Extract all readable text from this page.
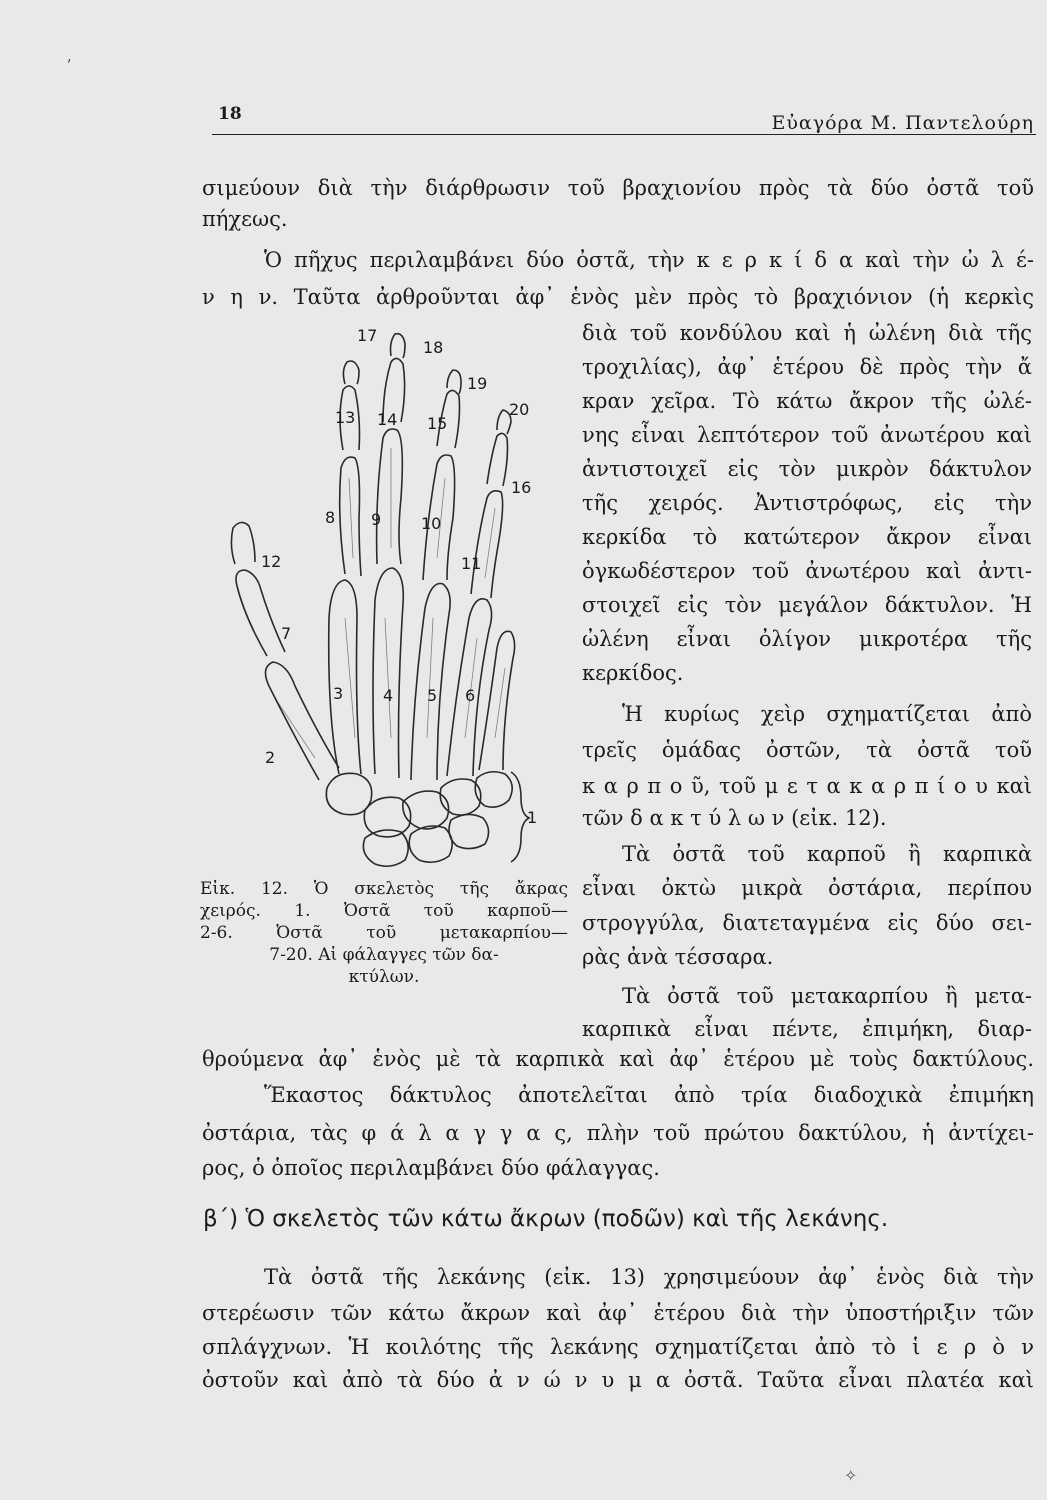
18	Εὐαγόρα Μ. Παντελούρη
σιμεύουν διὰ τὴν διάρθρωσιν τοῦ βραχιονίου πρὸς τὰ δύο ὀστᾶ τοῦ
πήχεως.
Ὁ πῆχυς περιλαμβάνει δύο ὀστᾶ, τὴν κ ε ρ κ ί δ α καὶ τὴν ὠ λ έ-
ν η ν. Ταῦτα ἀρθροῦνται ἀφ᾽ ἑνὸς μὲν πρὸς τὸ βραχιόνιον (ἡ κερκὶς
διὰ τοῦ κονδύλου καὶ ἡ ὠλένη διὰ τῆς
τροχιλίας), ἀφ᾽ ἑτέρου δὲ πρὸς τὴν ἄ
κραν χεῖρα. Τὸ κάτω ἄκρον τῆς ὠλέ-
νης εἶναι λεπτότερον τοῦ ἀνωτέρου καὶ
ἀντιστοιχεῖ εἰς τὸν μικρὸν δάκτυλον
τῆς χειρός. Ἀντιστρόφως, εἰς τὴν
κερκίδα τὸ κατώτερον ἄκρον εἶναι
ὀγκωδέστερον τοῦ ἀνωτέρου καὶ ἀντι-
στοιχεῖ εἰς τὸν μεγάλον δάκτυλον. Ἡ
ὠλένη εἶναι ὀλίγον μικροτέρα τῆς
κερκίδος.
Ἡ κυρίως χεὶρ σχηματίζεται ἀπὸ
τρεῖς ὁμάδας ὀστῶν, τὰ ὀστᾶ τοῦ
κ α ρ π ο ῦ, τοῦ μ ε τ α κ α ρ π ί ο υ καὶ
τῶν δ α κ τ ύ λ ω ν (εἰκ. 12).
Τὰ ὀστᾶ τοῦ καρποῦ ἢ καρπικὰ
εἶναι ὀκτὼ μικρὰ ὀστάρια, περίπου
στρογγύλα, διατεταγμένα εἰς δύο σει-
ρὰς ἀνὰ τέσσαρα.
Τὰ ὀστᾶ τοῦ μετακαρπίου ἢ μετα-
καρπικὰ εἶναι πέντε, ἐπιμήκη, διαρ-
17
18
19
20
13 14 15
16
8 9 10
11
12
7
3 4 5 6
2
1
Εἰκ. 12. Ὁ σκελετὸς τῆς ἄκρας
χειρός. 1. Ὀστᾶ τοῦ καρποῦ—
2-6. Ὀστᾶ τοῦ μετακαρπίου—
7-20. Αἱ φάλαγγες τῶν δα-
κτύλων.
θρούμενα ἀφ᾽ ἑνὸς μὲ τὰ καρπικὰ καὶ ἀφ᾽ ἑτέρου μὲ τοὺς δακτύλους.
Ἕκαστος δάκτυλος ἀποτελεῖται ἀπὸ τρία διαδοχικὰ ἐπιμήκη
ὀστάρια, τὰς φ ά λ α γ γ α ς, πλὴν τοῦ πρώτου δακτύλου, ἡ ἀντίχει-
ρος, ὁ ὁποῖος περιλαμβάνει δύο φάλαγγας.
β´) Ὁ σκελετὸς τῶν κάτω ἄκρων (ποδῶν) καὶ τῆς λεκάνης.
Τὰ ὀστᾶ τῆς λεκάνης (εἰκ. 13) χρησιμεύουν ἀφ᾽ ἑνὸς διὰ τὴν
στερέωσιν τῶν κάτω ἄκρων καὶ ἀφ᾽ ἑτέρου διὰ τὴν ὑποστήριξιν τῶν
σπλάγχνων. Ἡ κοιλότης τῆς λεκάνης σχηματίζεται ἀπὸ τὸ ἱ ε ρ ὸ ν
ὀστοῦν καὶ ἀπὸ τὰ δύο ἀ ν ώ ν υ μ α ὀστᾶ. Ταῦτα εἶναι πλατέα καὶ
ʼ
✧
